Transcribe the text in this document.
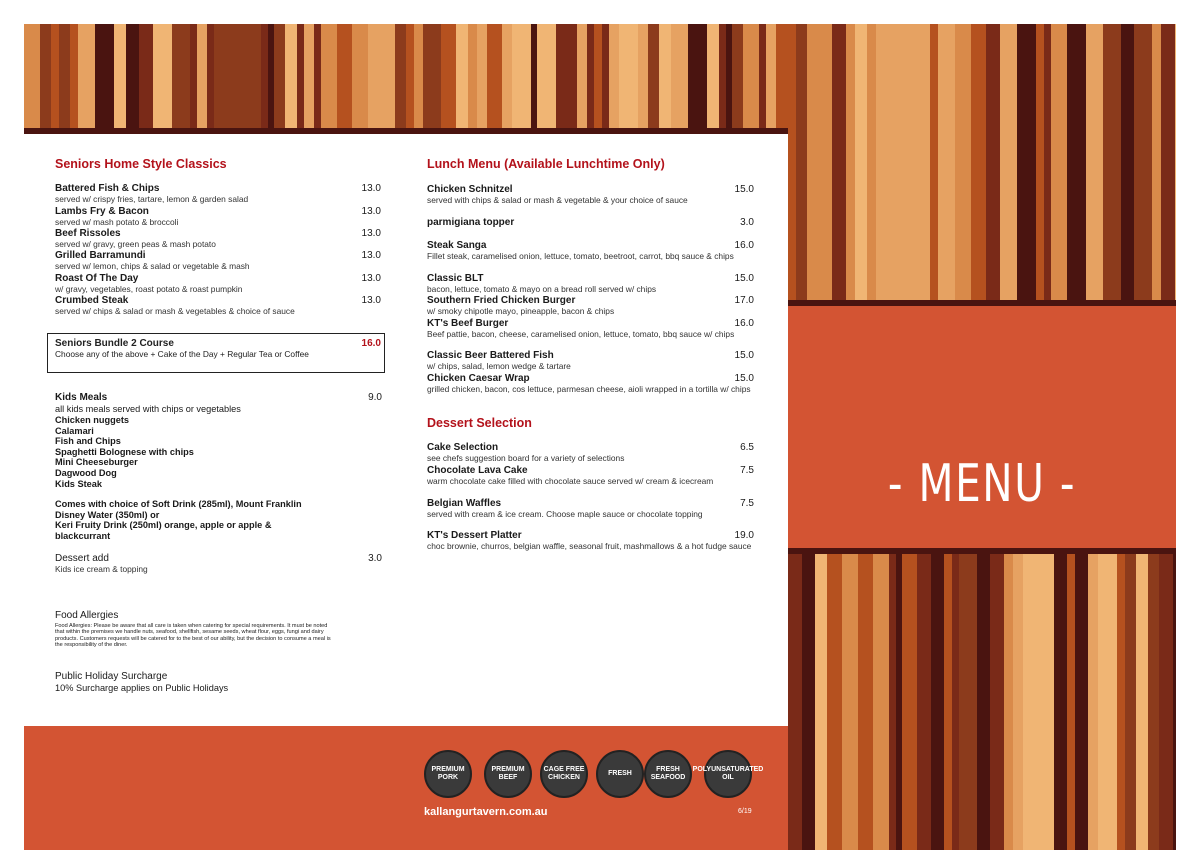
Seniors Home Style Classics
Battered Fish & Chips
served w/ crispy fries, tartare, lemon & garden salad
13.0
Lambs Fry & Bacon
served w/ mash potato & broccoli
13.0
Beef Rissoles
served w/ gravy, green peas & mash potato
13.0
Grilled Barramundi
served w/ lemon, chips & salad or vegetable & mash
13.0
Roast Of The Day
w/ gravy, vegetables, roast potato & roast pumpkin
13.0
Crumbed Steak
served w/ chips & salad or mash & vegetables & choice of sauce
13.0
Seniors Bundle 2 Course
Choose any of the above + Cake of the Day + Regular Tea or Coffee
16.0
Kids Meals	9.0
all kids meals served with chips or vegetables
Chicken nuggets
Calamari
Fish and Chips
Spaghetti Bolognese with chips
Mini Cheeseburger
Dagwood Dog
Kids Steak
Comes with choice of Soft Drink (285ml), Mount Franklin
Disney Water (350ml) or
Keri Fruity Drink (250ml) orange, apple or apple &
blackcurrant
Dessert add
Kids ice cream & topping
3.0
Food Allergies
Food Allergies: Please be aware that all care is taken when catering for special requirements. It must be noted that within the premises we handle nuts, seafood, shellfish, sesame seeds, wheat flour, eggs, fungi and dairy products. Customers requests will be catered for to the best of our ability, but the decision to consume a meal is the responsibility of the diner.
Public Holiday Surcharge
10% Surcharge applies on Public Holidays
Lunch Menu (Available Lunchtime Only)
Chicken Schnitzel
served with chips & salad or mash & vegetable & your choice of sauce
15.0
parmigiana topper	3.0
Steak Sanga
Fillet steak, caramelised onion, lettuce, tomato, beetroot, carrot, bbq sauce & chips
16.0
Classic BLT
bacon, lettuce, tomato & mayo on a bread roll served w/ chips
15.0
Southern Fried Chicken Burger
w/ smoky chipotle mayo, pineapple, bacon & chips
17.0
KT's Beef Burger
Beef pattie, bacon, cheese, caramelised onion, lettuce, tomato, bbq sauce w/ chips
16.0
Classic Beer Battered Fish
w/ chips, salad, lemon wedge & tartare
15.0
Chicken Caesar Wrap
grilled chicken, bacon, cos lettuce, parmesan cheese, aioli wrapped in a tortilla w/ chips
15.0
Dessert Selection
Cake Selection
see chefs suggestion board for a variety of selections
6.5
Chocolate Lava Cake
warm chocolate cake filled with chocolate sauce served w/ cream & icecream
7.5
Belgian Waffles
served with cream & ice cream. Choose maple sauce or chocolate topping
7.5
KT's Dessert Platter
choc brownie, churros, belgian waffle, seasonal fruit, mashmallows & a hot fudge sauce
19.0
PREMIUM PORK
PREMIUM BEEF
CAGE FREE CHICKEN
FRESH
FRESH SEAFOOD
POLYUNSATURATED OIL
kallangurtavern.com.au	6/19
- MENU -
